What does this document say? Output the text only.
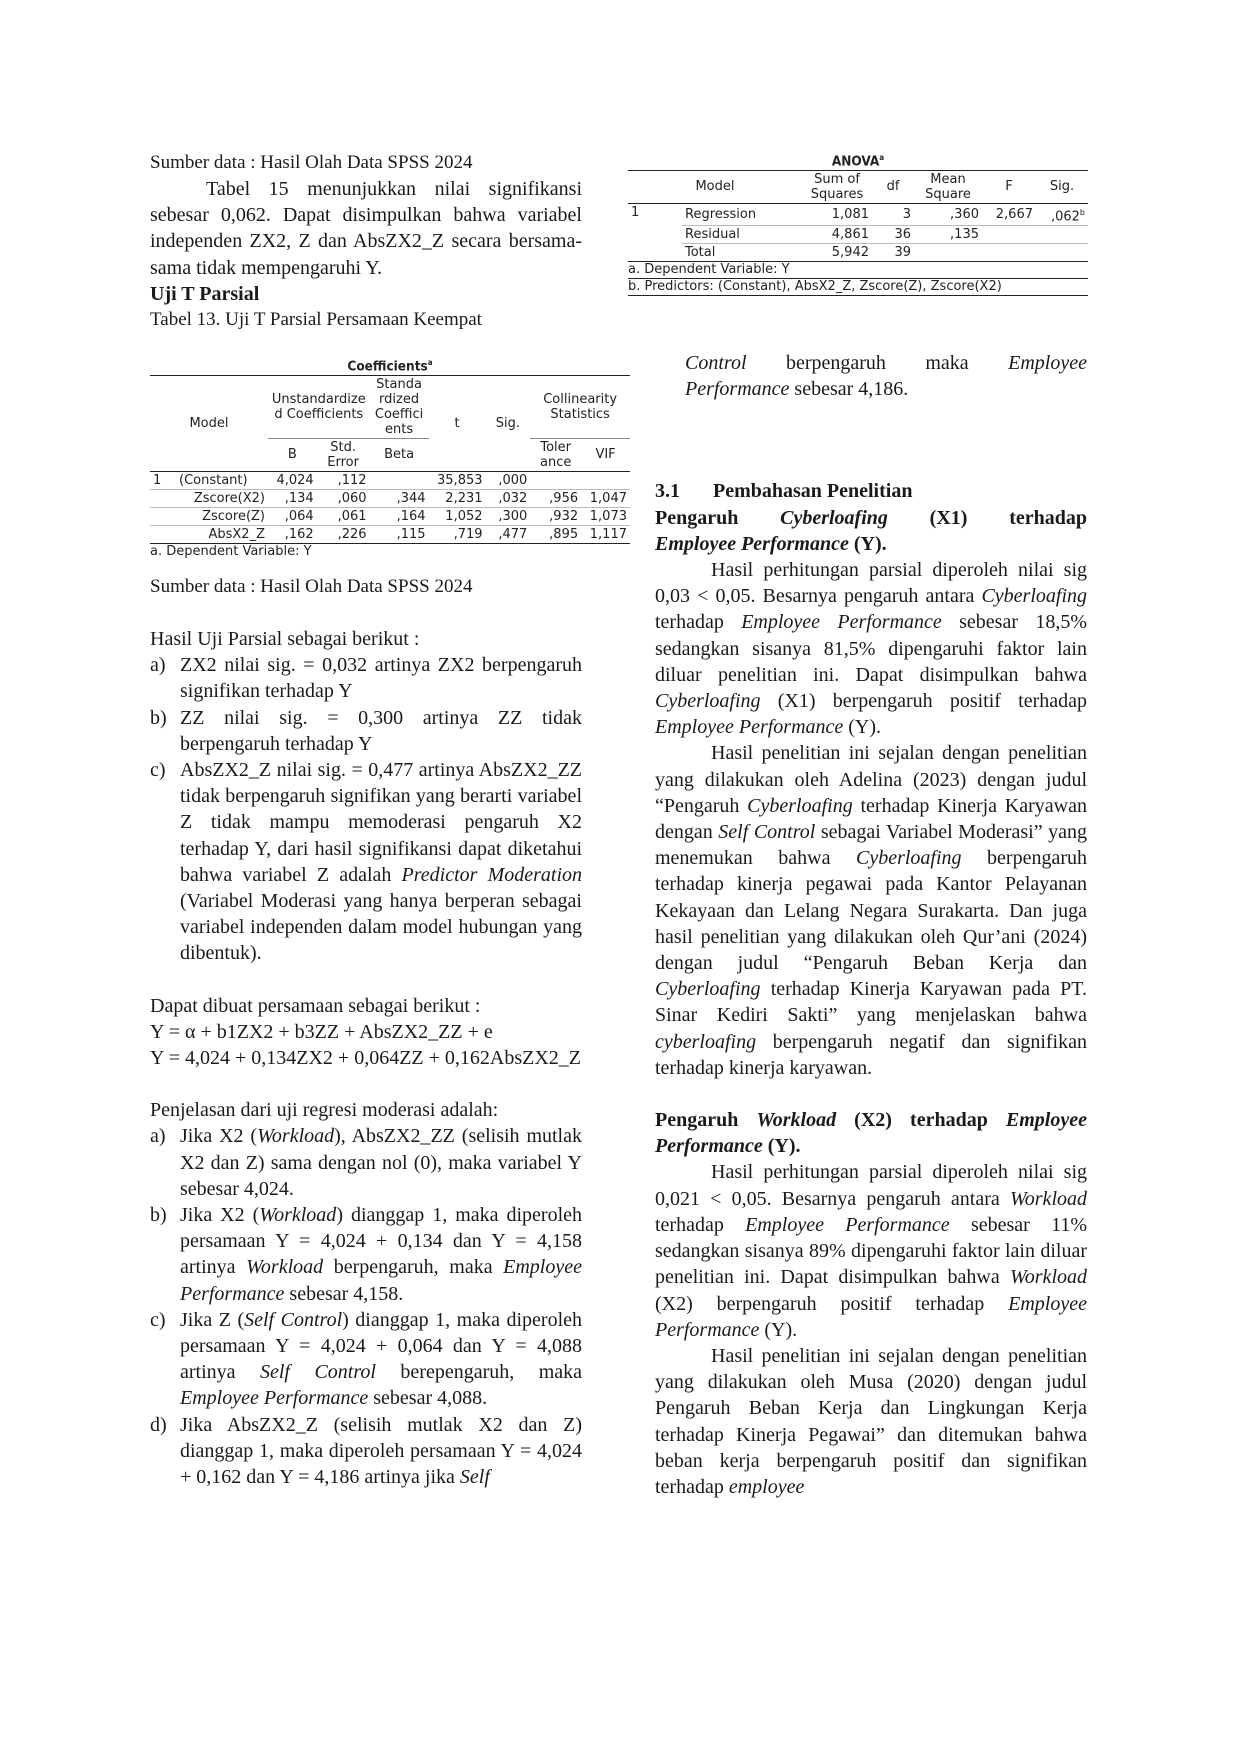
Sumber data : Hasil Olah Data SPSS 2024

Tabel 15 menunjukkan nilai signifikansi sebesar 0,062. Dapat disimpulkan bahwa variabel independen ZX2, Z dan AbsZX2_Z secara bersama-sama tidak mempengaruhi Y.

Uji T Parsial

Tabel 13. Uji T Parsial Persamaan Keempat

Coefficients$^a$
Model	Unstandardize d Coefficients		Standa rdized Coeffici ents	t	Sig.	Collinearity Statistics	
	B	Std. Error	Beta			Toler ance	VIF
1 (Constant)	4,024	,112		35,853	,000		
Zscore(X2)	,134	,060	,344	2,231	,032	,956	1,047
Zscore(Z)	,064	,061	,164	1,052	,300	,932	1,073
AbsX2_Z	,162	,226	,115	,719	,477	,895	1,117
a. Dependent Variable: Y

Sumber data : Hasil Olah Data SPSS 2024

Hasil Uji Parsial sebagai berikut :

a) ZX2 nilai sig. = 0,032 artinya ZX2 berpengaruh signifikan terhadap Y
b) ZZ nilai sig. = 0,300 artinya ZZ tidak berpengaruh terhadap Y
c) AbsZX2_Z nilai sig. = 0,477 artinya AbsZX2_ZZ tidak berpengaruh signifikan yang berarti variabel Z tidak mampu memoderasi pengaruh X2 terhadap Y, dari hasil signifikansi dapat diketahui bahwa variabel Z adalah Predictor Moderation (Variabel Moderasi yang hanya berperan sebagai variabel independen dalam model hubungan yang dibentuk).

Dapat dibuat persamaan sebagai berikut :

Y = α + b1ZX2 + b3ZZ + AbsZX2_ZZ + e

Y = 4,024 + 0,134ZX2 + 0,064ZZ + 0,162AbsZX2_Z

Penjelasan dari uji regresi moderasi adalah:

a) Jika X2 (Workload), AbsZX2_ZZ (selisih mutlak X2 dan Z) sama dengan nol (0), maka variabel Y sebesar 4,024.
b) Jika X2 (Workload) dianggap 1, maka diperoleh persamaan Y = 4,024 + 0,134 dan Y = 4,158 artinya Workload berpengaruh, maka Employee Performance sebesar 4,158.
c) Jika Z (Self Control) dianggap 1, maka diperoleh persamaan Y = 4,024 + 0,064 dan Y = 4,088 artinya Self Control berepengaruh, maka Employee Performance sebesar 4,088.
d) Jika AbsZX2_Z (selisih mutlak X2 dan Z) dianggap 1, maka diperoleh persamaan Y = 4,024 + 0,162 dan Y = 4,186 artinya jika Self
ANOVA$^a$
Model		Sum of Squares	df	Mean Square	F	Sig.
1	Regression	1,081	3	,360	2,667	,062$^b$
	Residual	4,861	36	,135		
	Total	5,942	39			
a. Dependent Variable: Y
b. Predictors: (Constant), AbsX2_Z, Zscore(Z), Zscore(X2)

Control berpengaruh maka Employee Performance sebesar 4,186.

3.1 Pembahasan Penelitian

Pengaruh Cyberloafing (X1) terhadap

Employee Performance (Y).

Hasil perhitungan parsial diperoleh nilai sig 0,03 < 0,05. Besarnya pengaruh antara Cyberloafing terhadap Employee Performance sebesar 18,5% sedangkan sisanya 81,5% dipengaruhi faktor lain diluar penelitian ini. Dapat disimpulkan bahwa Cyberloafing (X1) berpengaruh positif terhadap Employee Performance (Y).

Hasil penelitian ini sejalan dengan penelitian yang dilakukan oleh Adelina (2023) dengan judul “Pengaruh Cyberloafing terhadap Kinerja Karyawan dengan Self Control sebagai Variabel Moderasi” yang menemukan bahwa Cyberloafing berpengaruh terhadap kinerja pegawai pada Kantor Pelayanan Kekayaan dan Lelang Negara Surakarta. Dan juga hasil penelitian yang dilakukan oleh Qur’ani (2024) dengan judul “Pengaruh Beban Kerja dan Cyberloafing terhadap Kinerja Karyawan pada PT. Sinar Kediri Sakti” yang menjelaskan bahwa cyberloafing berpengaruh negatif dan signifikan terhadap kinerja karyawan.

Pengaruh Workload (X2) terhadap Employee Performance (Y).

Hasil perhitungan parsial diperoleh nilai sig 0,021 < 0,05. Besarnya pengaruh antara Workload terhadap Employee Performance sebesar 11% sedangkan sisanya 89% dipengaruhi faktor lain diluar penelitian ini. Dapat disimpulkan bahwa Workload (X2) berpengaruh positif terhadap Employee Performance (Y).

Hasil penelitian ini sejalan dengan penelitian yang dilakukan oleh Musa (2020) dengan judul Pengaruh Beban Kerja dan Lingkungan Kerja terhadap Kinerja Pegawai” dan ditemukan bahwa beban kerja berpengaruh positif dan signifikan terhadap employee
